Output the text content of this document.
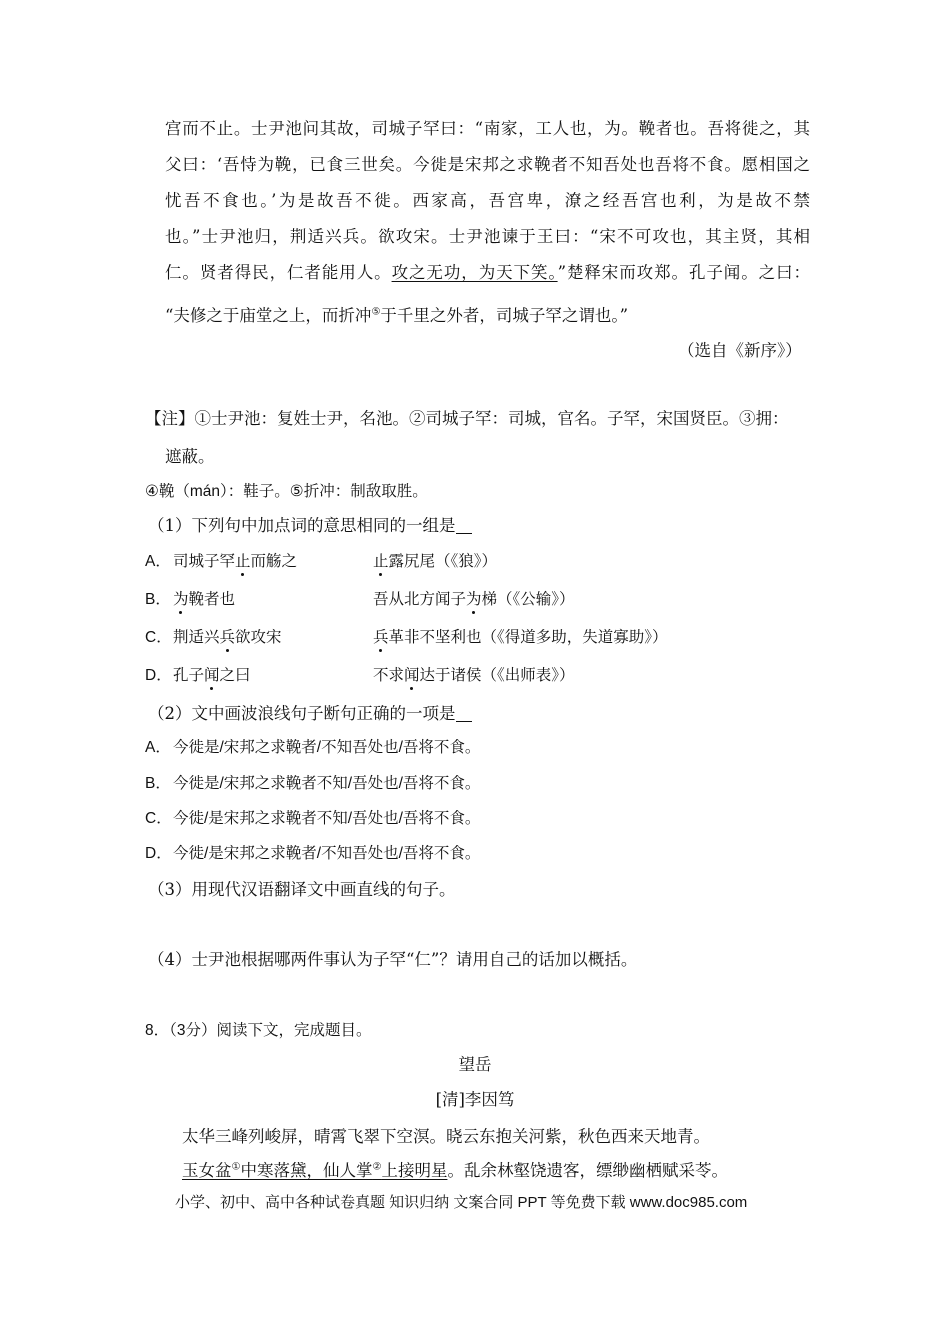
宫而不止。士尹池问其故，司城子罕曰：“南家，工人也，为。鞔者也。吾将徙之，其
父曰：‘吾恃为鞔，已食三世矣。今徙是宋邦之求鞔者不知吾处也吾将不食。愿相国之
忧吾不食也。’为是故吾不徙。西家高，吾宫卑，潦之经吾宫也利，为是故不禁
也。”士尹池归，荆适兴兵。欲攻宋。士尹池谏于王曰：“宋不可攻也，其主贤，其相
仁。贤者得民，仁者能用人。攻之无功，为天下笑。”楚释宋而攻郑。孔子闻。之曰：
“夫修之于庙堂之上，而折冲⑤于千里之外者，司城子罕之谓也。”
（选自《新序》）
【注】①士尹池：复姓士尹，名池。②司城子罕：司城，官名。子罕，宋国贤臣。③拥：
遮蔽。
④鞔（mán）：鞋子。⑤折冲：制敌取胜。
（1）下列句中加点词的意思相同的一组是
A． 司城子罕止而觞之	止露尻尾（《狼》）
B． 为鞔者也	吾从北方闻子为梯（《公输》）
C．荆适兴兵欲攻宋	兵革非不坚利也（《得道多助，失道寡助》）
D．孔子闻之曰	不求闻达于诸侯（《出师表》）
（2）文中画波浪线句子断句正确的一项是
A． 今徙是/宋邦之求鞔者/不知吾处也/吾将不食。
B． 今徙是/宋邦之求鞔者不知/吾处也/吾将不食。
C．今徙/是宋邦之求鞔者不知/吾处也/吾将不食。
D．今徙/是宋邦之求鞔者/不知吾处也/吾将不食。
（3）用现代汉语翻译文中画直线的句子。
（4）士尹池根据哪两件事认为子罕“仁”？请用自己的话加以概括。
8．（3分）阅读下文，完成题目。
望岳
[清]李因笃
太华三峰列峻屏，晴霄飞翠下空溟。晓云东抱关河紫，秋色西来天地青。
玉女盆①中寒落黛，仙人掌②上接明星。乱余林壑饶遗客，缥缈幽栖赋采苓。
小学、初中、高中各种试卷真题 知识归纳 文案合同 PPT 等免费下载 www.doc985.com
